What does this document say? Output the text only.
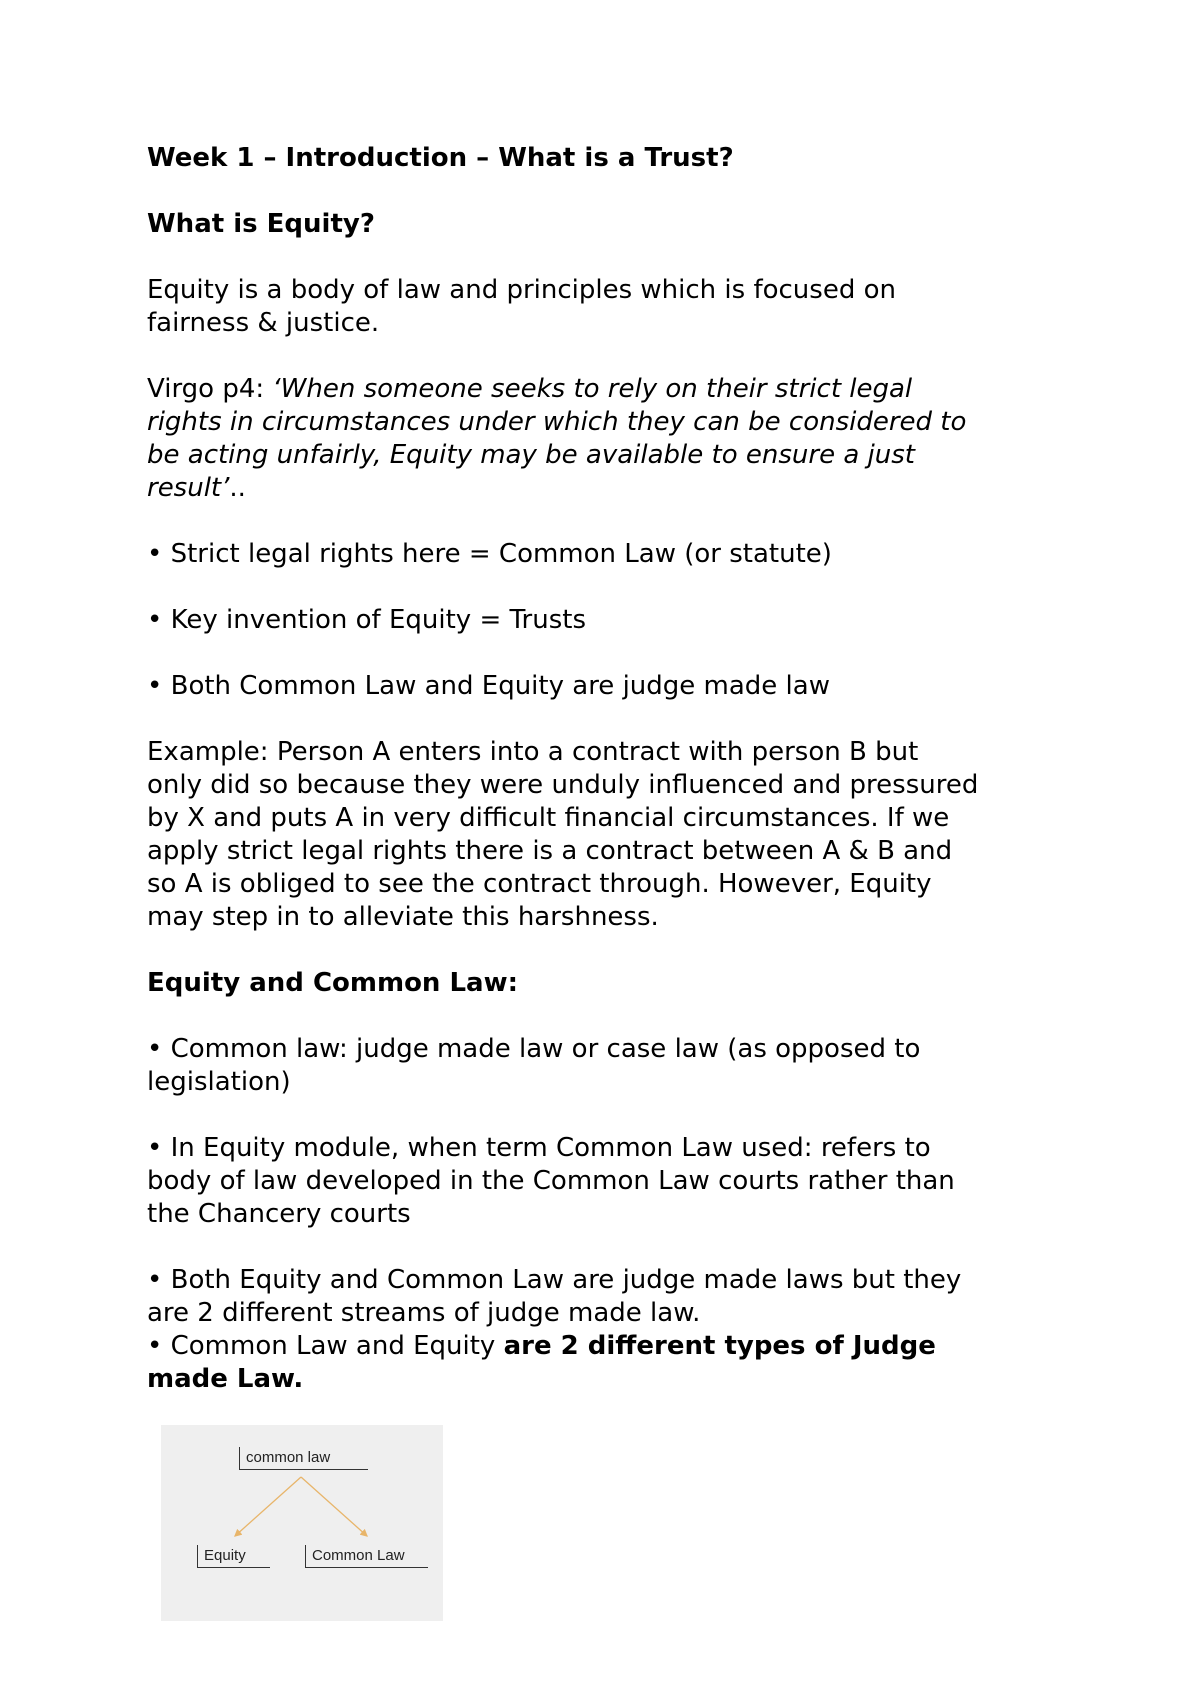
Week 1 – Introduction – What is a Trust?

What is Equity?

Equity is a body of law and principles which is focused on

fairness & justice.

Virgo p4: ‘When someone seeks to rely on their strict legal

rights in circumstances under which they can be considered to

be acting unfairly, Equity may be available to ensure a just

result’..

• Strict legal rights here = Common Law (or statute)

• Key invention of Equity = Trusts

• Both Common Law and Equity are judge made law

Example: Person A enters into a contract with person B but

only did so because they were unduly influenced and pressured

by X and puts A in very difficult financial circumstances. If we

apply strict legal rights there is a contract between A & B and

so A is obliged to see the contract through. However, Equity

may step in to alleviate this harshness.

Equity and Common Law:

• Common law: judge made law or case law (as opposed to

legislation)

• In Equity module, when term Common Law used: refers to

body of law developed in the Common Law courts rather than

the Chancery courts

• Both Equity and Common Law are judge made laws but they

are 2 different streams of judge made law.

• Common Law and Equity are 2 different types of Judge

made Law.

common law
Equity	Common Law
